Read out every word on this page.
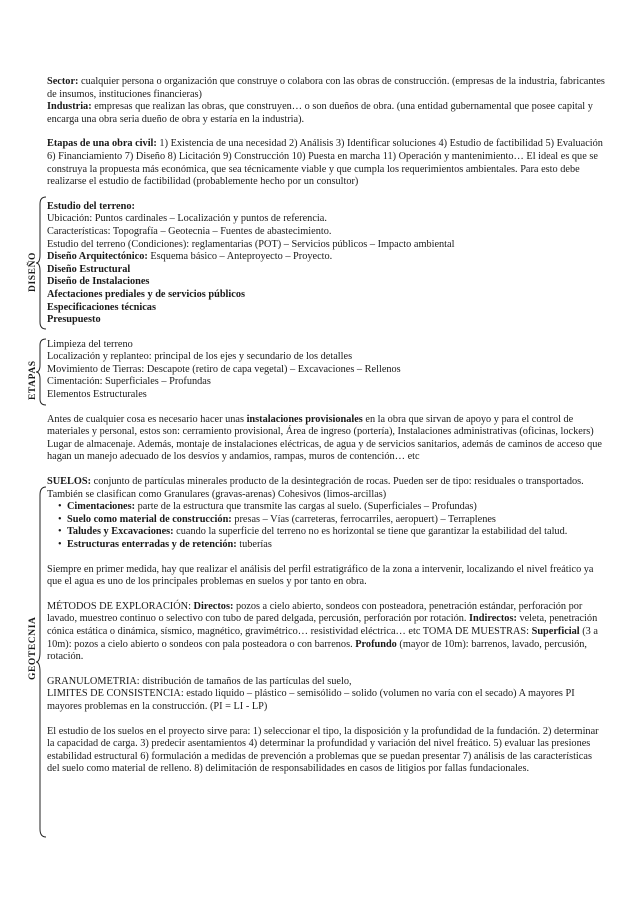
DISEÑO
ETAPAS
GEOTECNIA

Sector: cualquier persona o organización que construye o colabora con las obras de construcción. (empresas de la industria, fabricantes de insumos, instituciones financieras)

Industria: empresas que realizan las obras, que construyen… o son dueños de obra. (una entidad gubernamental que posee capital y encarga una obra seria dueño de obra y estaría en la industria).

Etapas de una obra civil: 1) Existencia de una necesidad 2) Análisis 3) Identificar soluciones 4) Estudio de factibilidad 5) Evaluación 6) Financiamiento 7) Diseño 8) Licitación 9) Construcción 10) Puesta en marcha 11) Operación y mantenimiento… El ideal es que se construya la propuesta más económica, que sea técnicamente viable y que cumpla los requerimientos ambientales. Para esto debe realizarse el estudio de factibilidad (probablemente hecho por un consultor)

Estudio del terreno:

Ubicación: Puntos cardinales – Localización y puntos de referencia.

Características: Topografía – Geotecnia – Fuentes de abastecimiento.

Estudio del terreno (Condiciones): reglamentarias (POT) – Servicios públicos – Impacto ambiental

Diseño Arquitectónico: Esquema básico – Anteproyecto – Proyecto.

Diseño Estructural

Diseño de Instalaciones

Afectaciones prediales y de servicios públicos

Especificaciones técnicas

Presupuesto

Limpieza del terreno

Localización y replanteo: principal de los ejes y secundario de los detalles

Movimiento de Tierras: Descapote (retiro de capa vegetal) – Excavaciones – Rellenos

Cimentación: Superficiales – Profundas

Elementos Estructurales

Antes de cualquier cosa es necesario hacer unas instalaciones provisionales en la obra que sirvan de apoyo y para el control de materiales y personal, estos son: cerramiento provisional, Área de ingreso (portería), Instalaciones administrativas (oficinas, lockers) Lugar de almacenaje. Además, montaje de instalaciones eléctricas, de agua y de servicios sanitarios, además de caminos de acceso que hagan un manejo adecuado de los desvíos y andamios, rampas, muros de contención… etc

SUELOS: conjunto de partículas minerales producto de la desintegración de rocas. Pueden ser de tipo: residuales o transportados. También se clasifican como Granulares (gravas-arenas) Cohesivos (limos-arcillas)

• Cimentaciones: parte de la estructura que transmite las cargas al suelo. (Superficiales – Profundas)
• Suelo como material de construcción: presas – Vías (carreteras, ferrocarriles, aeropuert) – Terraplenes
• Taludes y Excavaciones: cuando la superficie del terreno no es horizontal se tiene que garantizar la estabilidad del talud.
• Estructuras enterradas y de retención: tuberías

Siempre en primer medida, hay que realizar el análisis del perfil estratigráfico de la zona a intervenir, localizando el nivel freático ya que el agua es uno de los principales problemas en suelos y por tanto en obra.

MÉTODOS DE EXPLORACIÓN: Directos: pozos a cielo abierto, sondeos con posteadora, penetración estándar, perforación por lavado, muestreo continuo o selectivo con tubo de pared delgada, percusión, perforación por rotación. Indirectos: veleta, penetración cónica estática o dinámica, sísmico, magnético, gravimétrico… resistividad eléctrica… etc TOMA DE MUESTRAS: Superficial (3 a 10m): pozos a cielo abierto o sondeos con pala posteadora o con barrenos. Profundo (mayor de 10m): barrenos, lavado, percusión, rotación.

GRANULOMETRIA: distribución de tamaños de las partículas del suelo,

LIMITES DE CONSISTENCIA: estado liquido – plástico – semisólido – solido (volumen no varía con el secado) A mayores PI mayores problemas en la construcción. (PI = LI - LP)

El estudio de los suelos en el proyecto sirve para: 1) seleccionar el tipo, la disposición y la profundidad de la fundación. 2) determinar la capacidad de carga. 3) predecir asentamientos 4) determinar la profundidad y variación del nivel freático. 5) evaluar las presiones estabilidad estructural 6) formulación a medidas de prevención a problemas que se puedan presentar 7) análisis de las características del suelo como material de relleno. 8) delimitación de responsabilidades en casos de litigios por fallas fundacionales.
